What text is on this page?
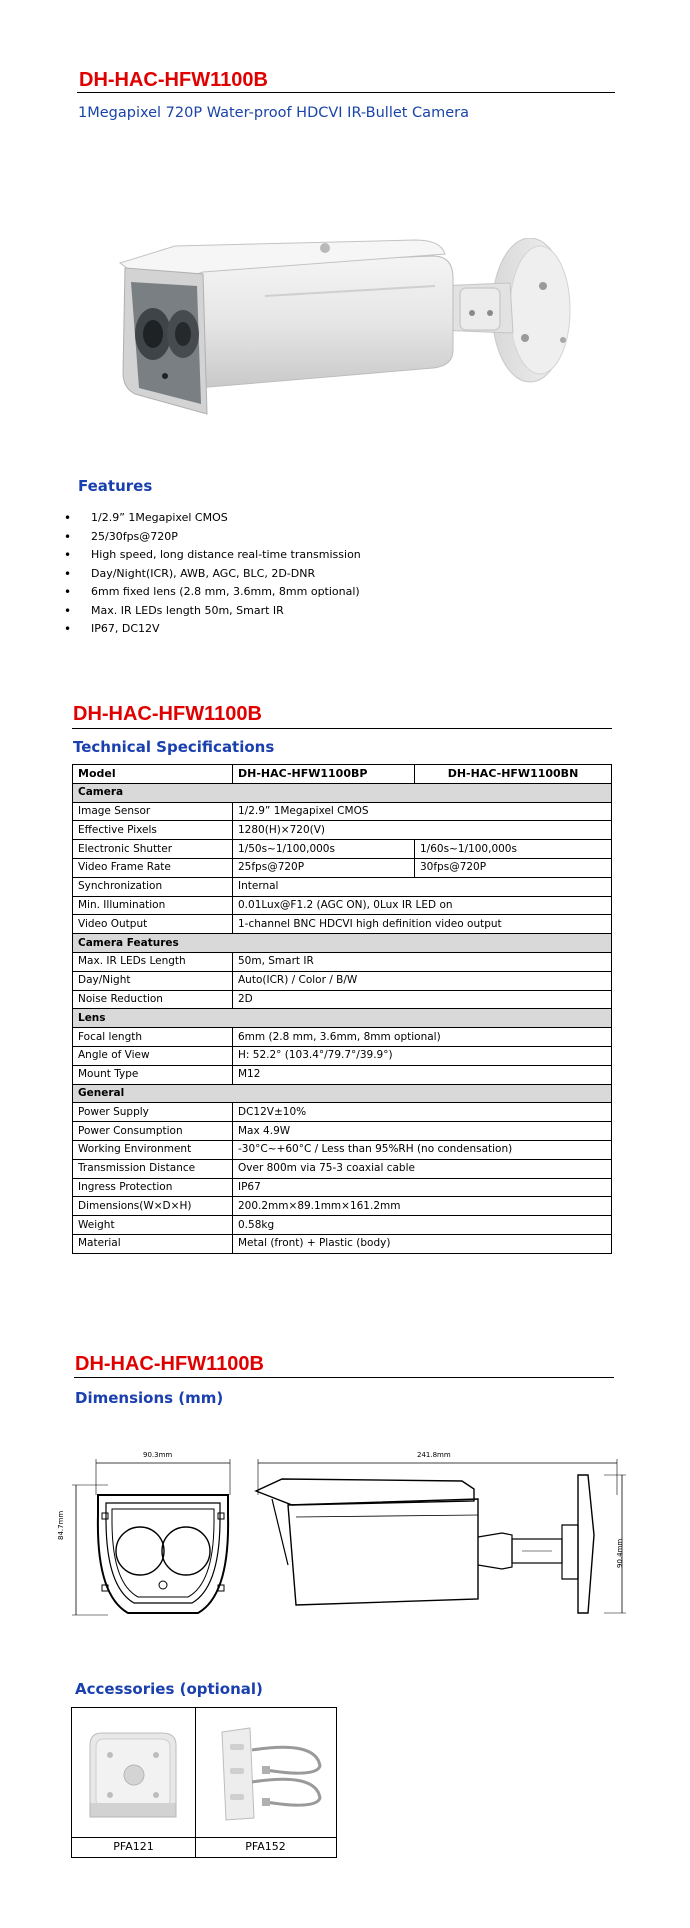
DH-HAC-HFW1100B
1Megapixel 720P Water-proof HDCVI IR-Bullet Camera
Features
• 1/2.9” 1Megapixel CMOS
• 25/30fps@720P
• High speed, long distance real-time transmission
• Day/Night(ICR), AWB, AGC, BLC, 2D-DNR
• 6mm fixed lens (2.8 mm, 3.6mm, 8mm optional)
• Max. IR LEDs length 50m, Smart IR
• IP67, DC12V
DH-HAC-HFW1100B
Technical Specifications
Model	DH-HAC-HFW1100BP	DH-HAC-HFW1100BN
Camera		
Image Sensor	1/2.9” 1Megapixel CMOS	
Effective Pixels	1280(H)×720(V)	
Electronic Shutter	1/50s~1/100,000s	1/60s~1/100,000s
Video Frame Rate	25fps@720P	30fps@720P
Synchronization	Internal	
Min. Illumination	0.01Lux@F1.2 (AGC ON), 0Lux IR LED on	
Video Output	1-channel BNC HDCVI high definition video output	
Camera Features		
Max. IR LEDs Length	50m, Smart IR	
Day/Night	Auto(ICR) / Color / B/W	
Noise Reduction	2D	
Lens		
Focal length	6mm (2.8 mm, 3.6mm, 8mm optional)	
Angle of View	H: 52.2° (103.4°/79.7°/39.9°)	
Mount Type	M12	
General		
Power Supply	DC12V±10%	
Power Consumption	Max 4.9W	
Working Environment	-30°C~+60°C / Less than 95%RH (no condensation)	
Transmission Distance	Over 800m via 75-3 coaxial cable	
Ingress Protection	IP67	
Dimensions(W×D×H)	200.2mm×89.1mm×161.2mm	
Weight	0.58kg	
Material	Metal (front) + Plastic (body)	
DH-HAC-HFW1100B
Dimensions (mm)
90.3mm
84.7mm
241.8mm
90.4mm
Accessories (optional)
PFA121	PFA152
